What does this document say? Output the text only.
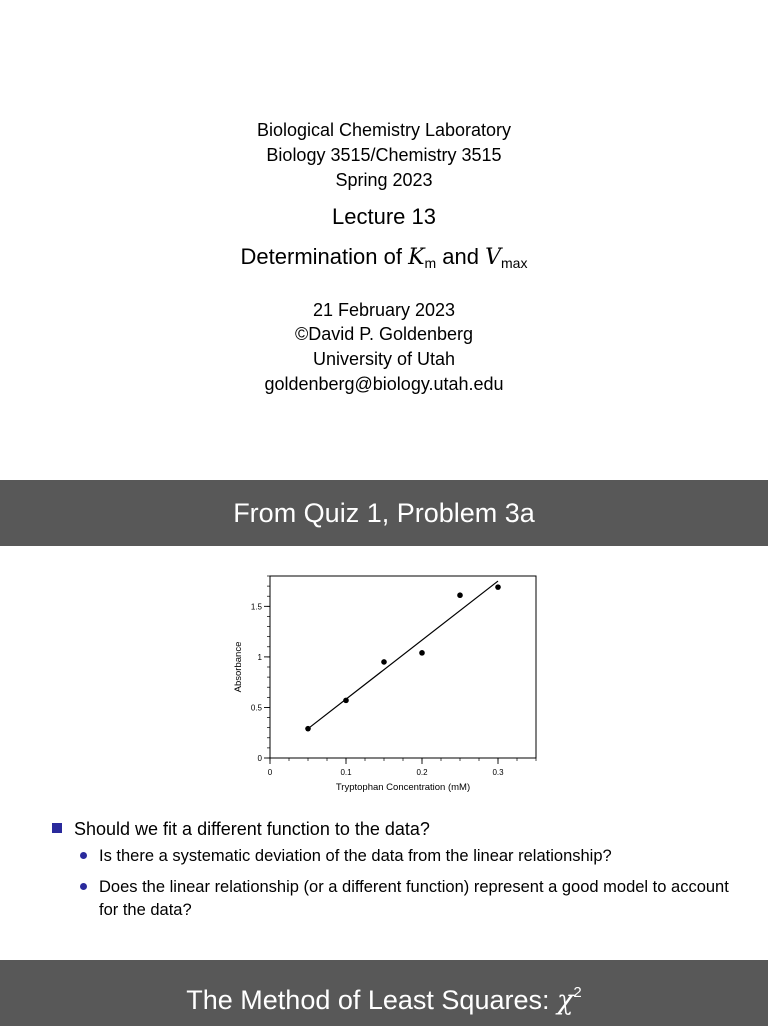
Biological Chemistry Laboratory
Biology 3515/Chemistry 3515
Spring 2023
Lecture 13
Determination of $K_m$ and $V_{max}$
21 February 2023
©David P. Goldenberg
University of Utah
goldenberg@biology.utah.edu
From Quiz 1, Problem 3a
0	0.1	0.2	0.3
0
0.5
1
1.5
Tryptophan Concentration (mM)
Absorbance
Should we fit a different function to the data?
Is there a systematic deviation of the data from the linear relationship?
Does the linear relationship (or a different function) represent a good model to account for the data?
The Method of Least Squares: $\chi^2$
